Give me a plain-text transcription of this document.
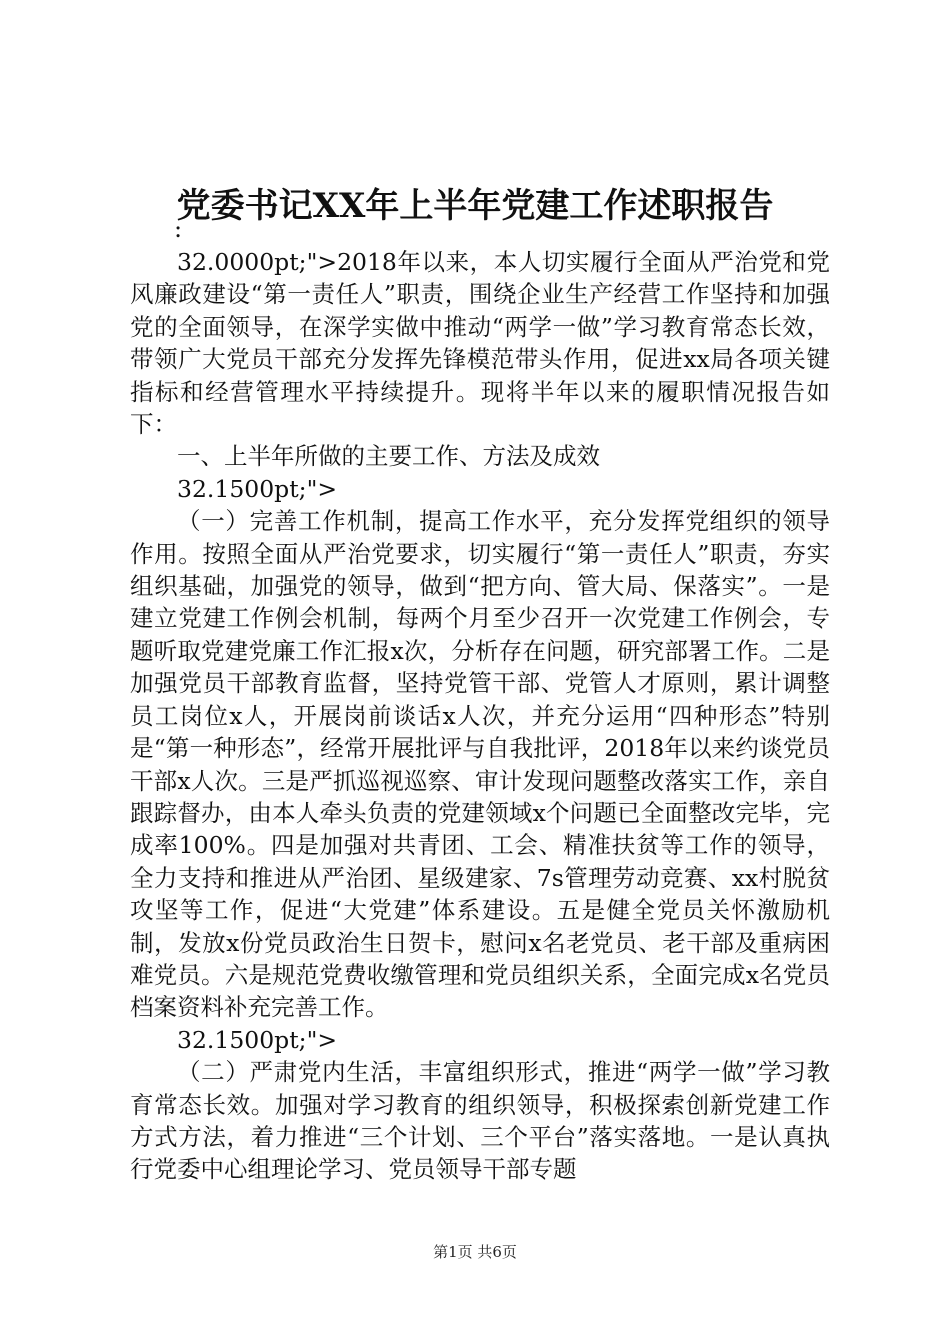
党委书记XX年上半年党建工作述职报告
:

32.0000pt;">2018年以来，本人切实履行全面从严治党和党风廉政建设“第一责任人”职责，围绕企业生产经营工作坚持和加强党的全面领导，在深学实做中推动“两学一做”学习教育常态长效，带领广大党员干部充分发挥先锋模范带头作用，促进xx局各项关键指标和经营管理水平持续提升。现将半年以来的履职情况报告如下：

一、上半年所做的主要工作、方法及成效

32.1500pt;">

（一）完善工作机制，提高工作水平，充分发挥党组织的领导作用。按照全面从严治党要求，切实履行“第一责任人”职责，夯实组织基础，加强党的领导，做到“把方向、管大局、保落实”。一是建立党建工作例会机制，每两个月至少召开一次党建工作例会，专题听取党建党廉工作汇报x次，分析存在问题，研究部署工作。二是加强党员干部教育监督，坚持党管干部、党管人才原则，累计调整员工岗位x人，开展岗前谈话x人次，并充分运用“四种形态”特别是“第一种形态”，经常开展批评与自我批评，2018年以来约谈党员干部x人次。三是严抓巡视巡察、审计发现问题整改落实工作，亲自跟踪督办，由本人牵头负责的党建领域x个问题已全面整改完毕，完成率100%。四是加强对共青团、工会、精准扶贫等工作的领导，全力支持和推进从严治团、星级建家、7s管理劳动竞赛、xx村脱贫攻坚等工作，促进“大党建”体系建设。五是健全党员关怀激励机制，发放x份党员政治生日贺卡，慰问x名老党员、老干部及重病困难党员。六是规范党费收缴管理和党员组织关系，全面完成x名党员档案资料补充完善工作。

32.1500pt;">

（二）严肃党内生活，丰富组织形式，推进“两学一做”学习教育常态长效。加强对学习教育的组织领导，积极探索创新党建工作方式方法，着力推进“三个计划、三个平台”落实落地。一是认真执行党委中心组理论学习、党员领导干部专题

第1页 共6页
